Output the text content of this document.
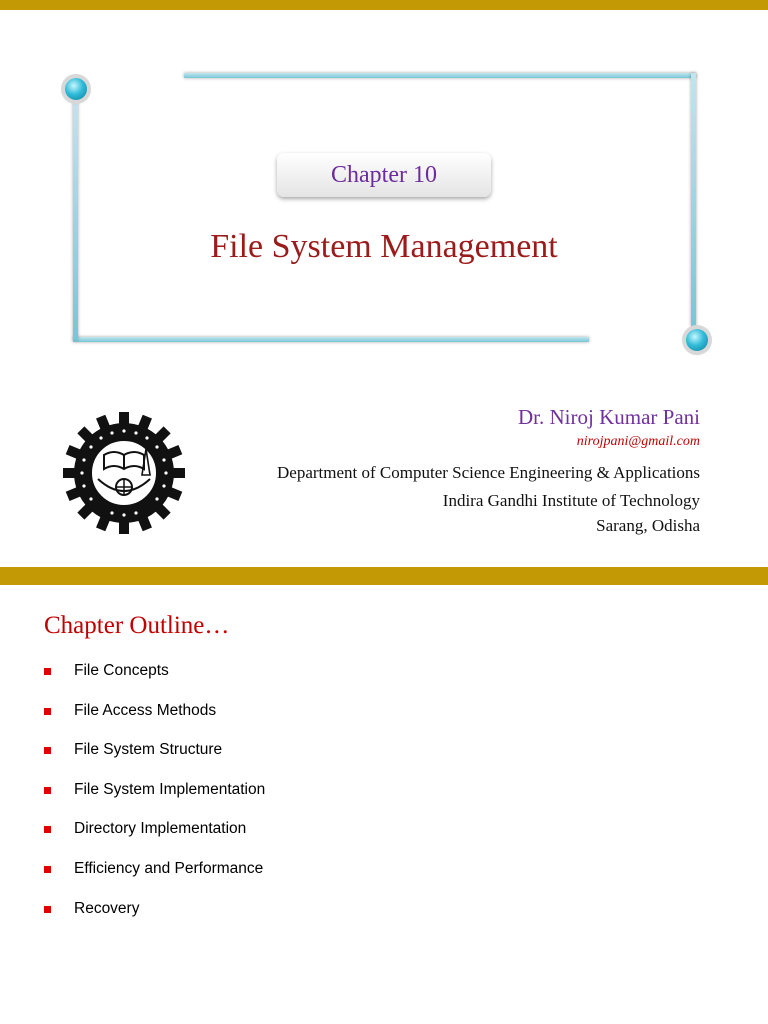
Chapter 10
File System Management
Dr. Niroj Kumar Pani
nirojpani@gmail.com
Department of Computer Science Engineering & Applications
Indira Gandhi Institute of Technology
Sarang, Odisha
Chapter Outline…
File Concepts
File Access Methods
File System Structure
File System Implementation
Directory Implementation
Efficiency and Performance
Recovery
